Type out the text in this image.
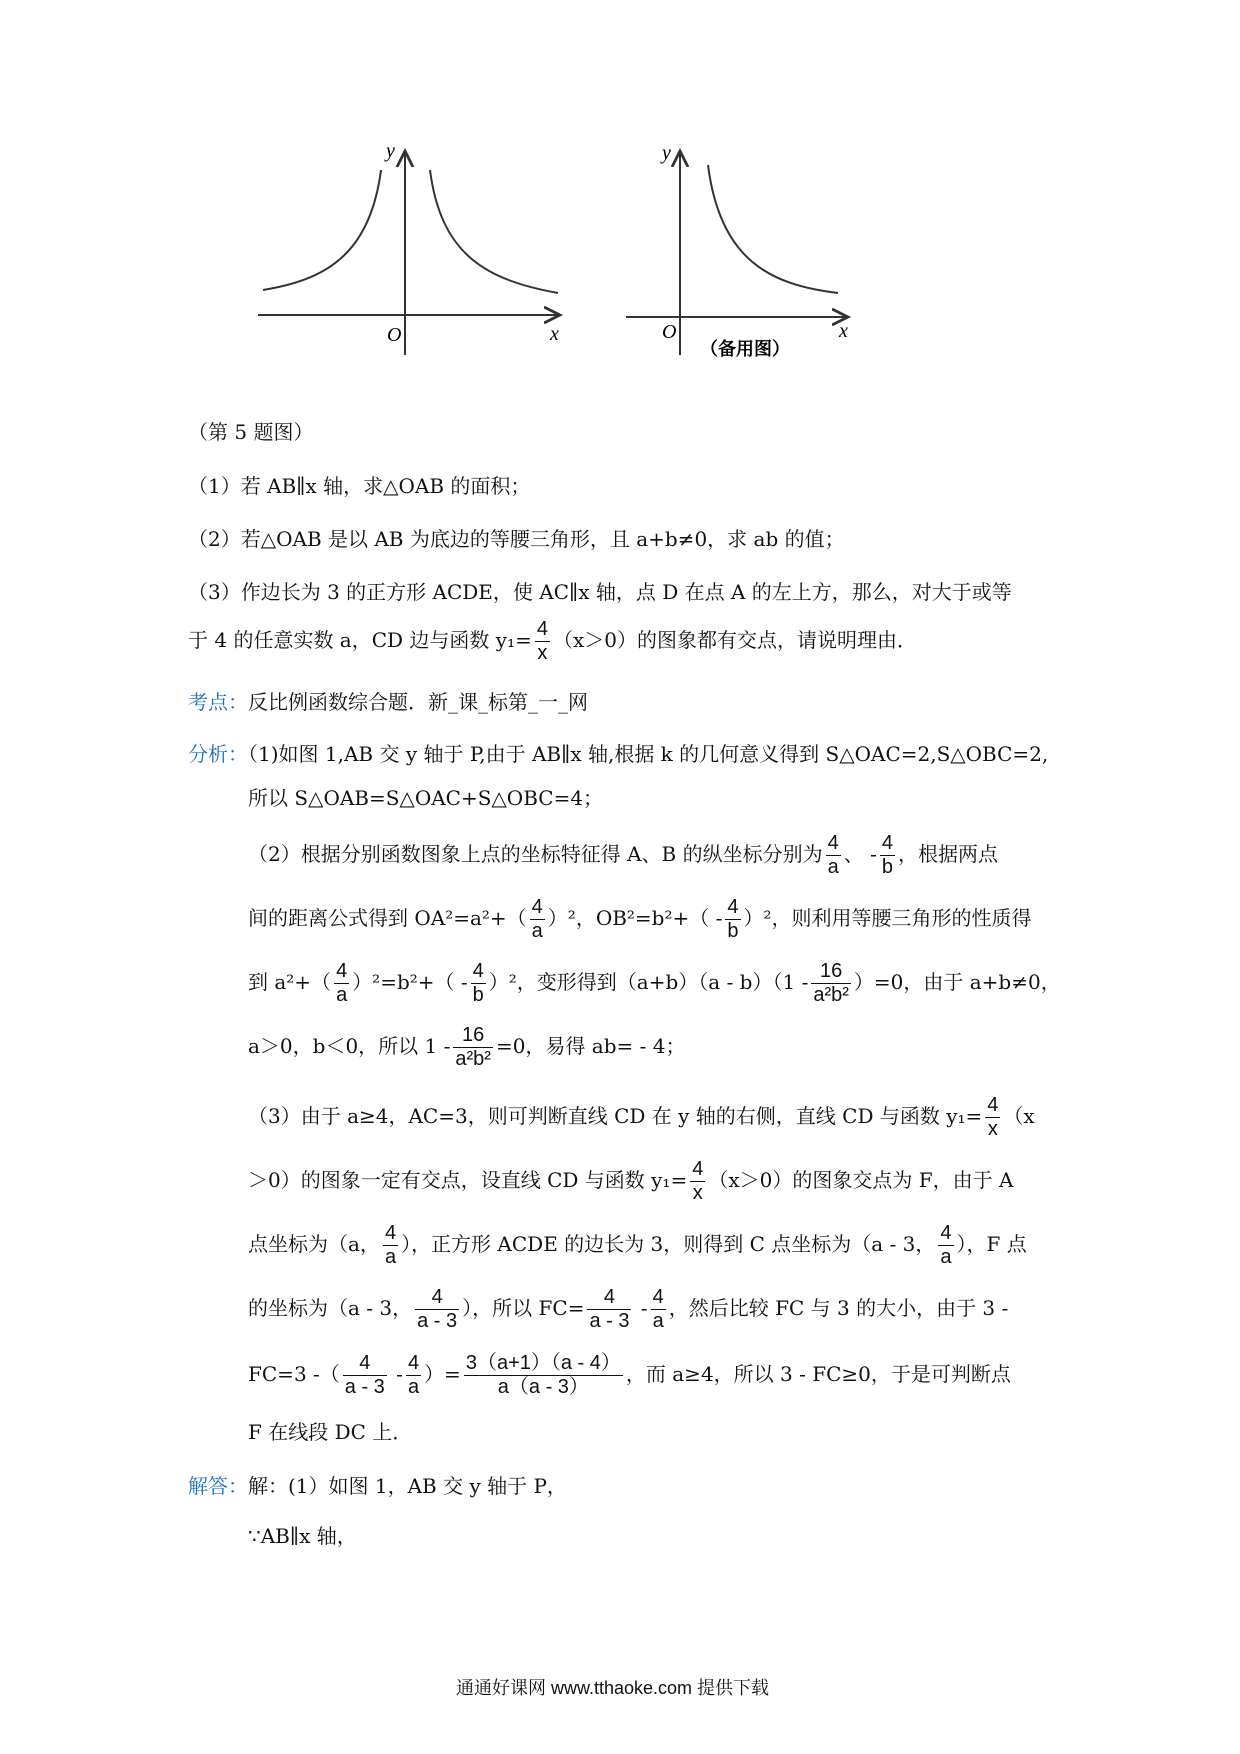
y
x
O
y
x
O
（备用图）
（第 5 题图）
（1）若 AB∥x 轴，求△OAB 的面积；
（2）若△OAB 是以 AB 为底边的等腰三角形，且 a+b≠0，求 ab 的值；
（3）作边长为 3 的正方形 ACDE，使 AC∥x 轴，点 D 在点 A 的左上方，那么，对大于或等
于 4 的任意实数 a，CD 边与函数 $y_1= \frac{4}{x} (x>0)$的图象都有交点，请说明理由．
考点：反比例函数综合题．新_课_标第_一_网
分析：（1)如图 1,AB 交 y 轴于 P,由于 AB∥x 轴,根据 k 的几何意义得到 S△OAC=2,S△OBC=2,
所以 S△OAB=S△OAC+S△OBC=4；
（2）根据分别函数图象上点的坐标特征得 A、B 的纵坐标分别为 $\frac{4}{a}$ 、 - $\frac{4}{b}$ ，根据两点
间的距离公式得到 $OA^2=a^2+( \frac{4}{a} )^2$，$OB^2=b^2+( - \frac{4}{b} )^2$，则利用等腰三角形的性质得
到 $a^2+( \frac{4}{a} )^2=b^2+( - \frac{4}{b} )^2$，变形得到$(a+b)(a - b)(1 - \frac{16}{\text{a²b²}} )=0$，由于 a+b≠0，
a＞0，b＜0，所以 $1 - \frac{16}{\text{a²b²}} =0$，易得 ab= - 4；
（3）由于 a≥4，AC=3，则可判断直线 CD 在 y 轴的右侧，直线 CD 与函数 $y_1= \frac{4}{x} (x$
＞0）的图象一定有交点，设直线 CD 与函数 $y_1= \frac{4}{x} (x>0)$的图象交点为 F，由于 A
点坐标为（a， $\frac{4}{a}$ ），正方形 ACDE 的边长为 3，则得到 C 点坐标为（a - 3， $\frac{4}{a}$ ），F 点
的坐标为（a - 3， $\frac{4}{a - 3}$ ），所以 $FC= \frac{4}{a - 3} - \frac{4}{a}$ ，然后比较 FC 与 3 的大小，由于 3 -
FC=3 -（ $\frac{4}{a - 3} - \frac{4}{a}$ ）= $\frac{3(a+1)(a - 4)}{a(a - 3)}$ ，而 a≥4，所以 3 - FC≥0，于是可判断点
F 在线段 DC 上．
解答：解：(1）如图 1，AB 交 y 轴于 P，
∵AB∥x 轴，
通通好课网 www.tthaoke.com 提供下载
